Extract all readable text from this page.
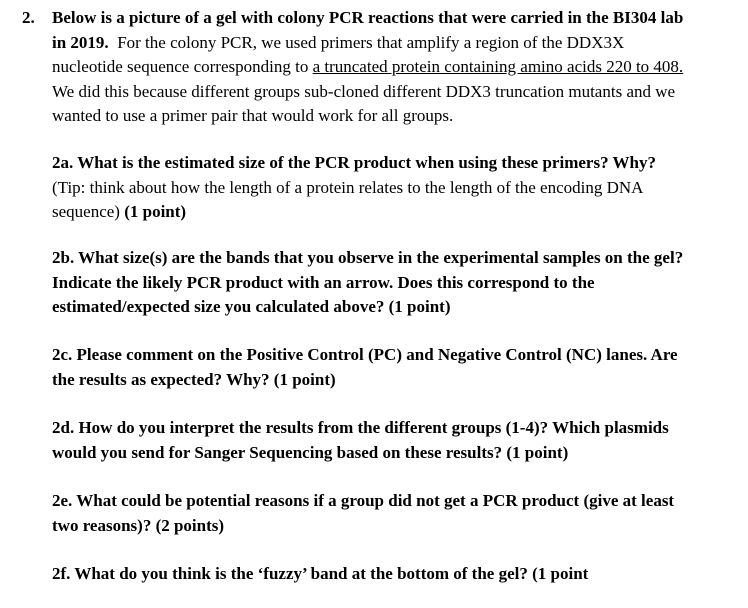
2. Below is a picture of a gel with colony PCR reactions that were carried in the BI304 lab
in 2019.  For the colony PCR, we used primers that amplify a region of the DDX3X
nucleotide sequence corresponding to a truncated protein containing amino acids 220 to 408.
We did this because different groups sub-cloned different DDX3 truncation mutants and we
wanted to use a primer pair that would work for all groups.
2a. What is the estimated size of the PCR product when using these primers? Why?
(Tip: think about how the length of a protein relates to the length of the encoding DNA
sequence) (1 point)
2b. What size(s) are the bands that you observe in the experimental samples on the gel?
Indicate the likely PCR product with an arrow. Does this correspond to the
estimated/expected size you calculated above? (1 point)
2c. Please comment on the Positive Control (PC) and Negative Control (NC) lanes. Are
the results as expected? Why? (1 point)
2d. How do you interpret the results from the different groups (1-4)? Which plasmids
would you send for Sanger Sequencing based on these results? (1 point)
2e. What could be potential reasons if a group did not get a PCR product (give at least
two reasons)? (2 points)
2f. What do you think is the ‘fuzzy’ band at the bottom of the gel? (1 point
